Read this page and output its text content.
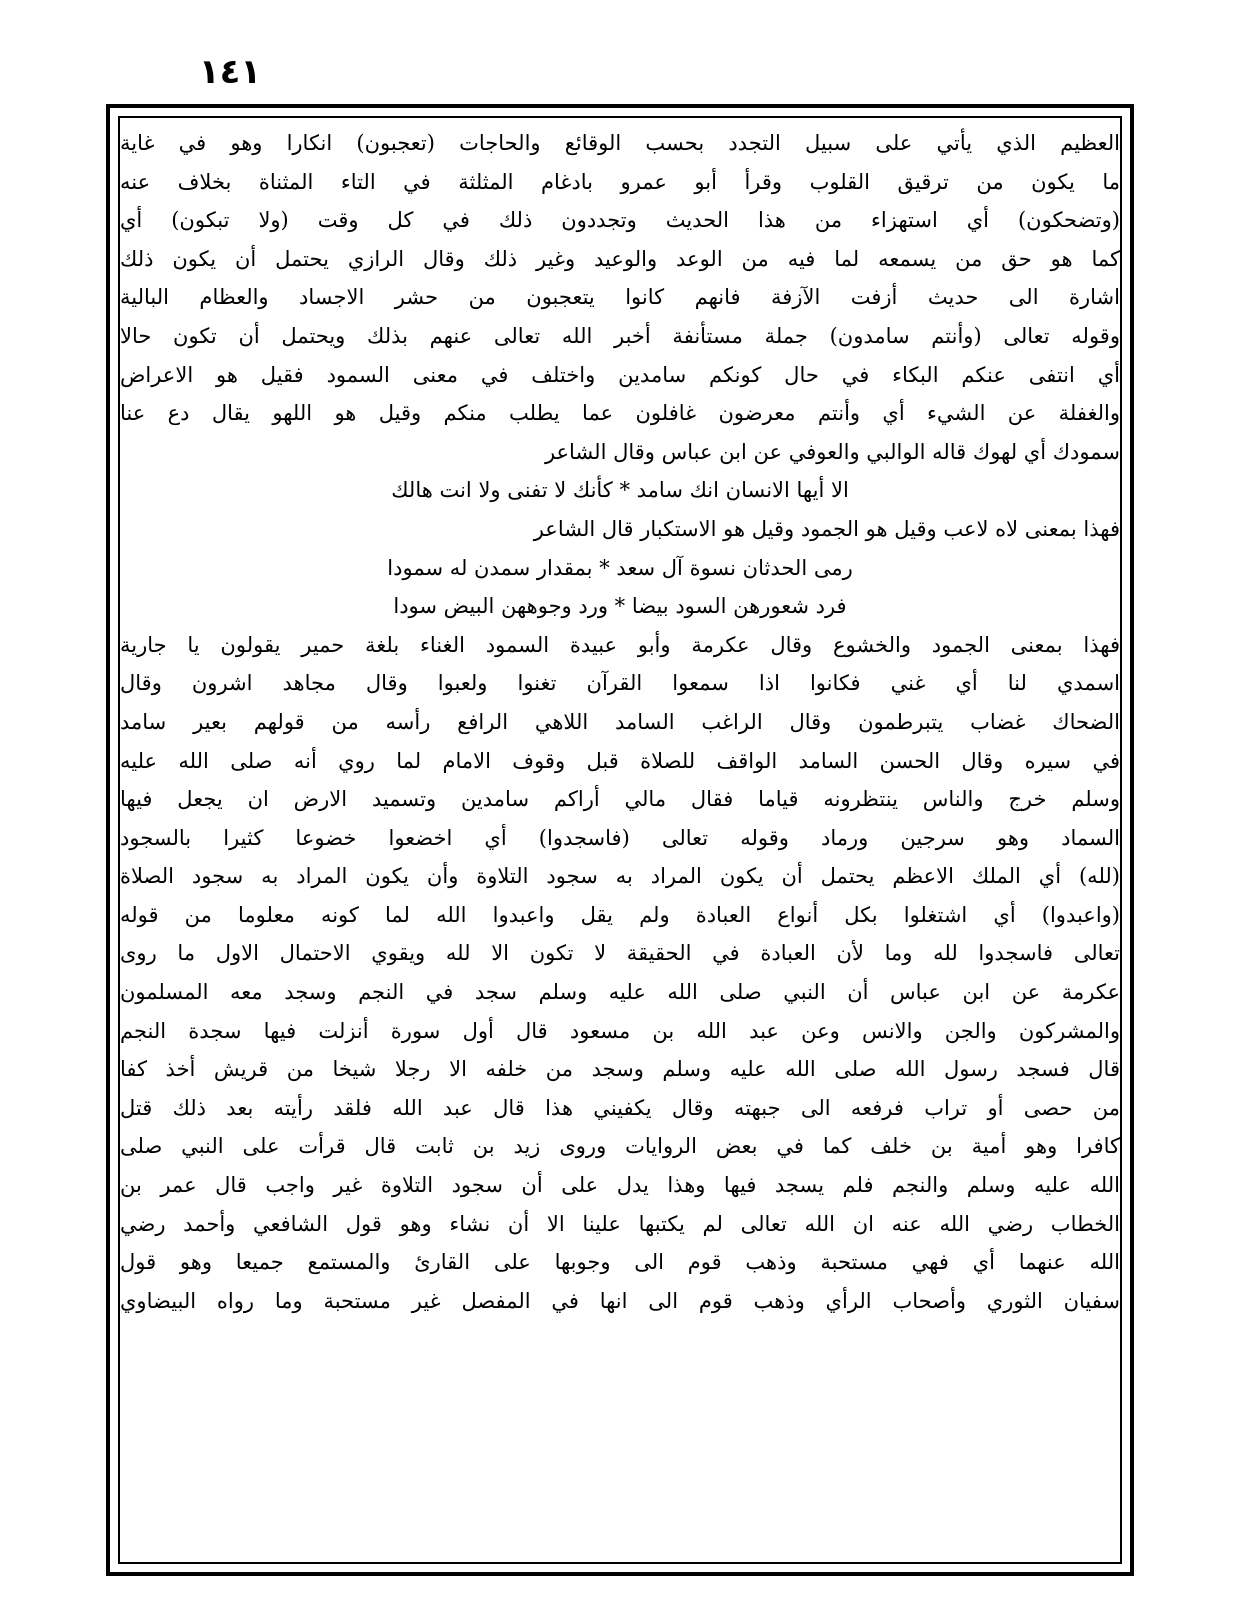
١٤١
العظيم الذي يأتي على سبيل التجدد بحسب الوقائع والحاجات (تعجبون) انكارا وهو في غاية
ما يكون من ترقيق القلوب وقرأ أبو عمرو بادغام المثلثة في التاء المثناة بخلاف عنه
(وتضحكون) أي استهزاء من هذا الحديث وتجددون ذلك في كل وقت (ولا تبكون) أي
كما هو حق من يسمعه لما فيه من الوعد والوعيد وغير ذلك وقال الرازي يحتمل أن يكون ذلك
اشارة الى حديث أزفت الآزفة فانهم كانوا يتعجبون من حشر الاجساد والعظام البالية
وقوله تعالى (وأنتم سامدون) جملة مستأنفة أخبر الله تعالى عنهم بذلك ويحتمل أن تكون حالا
أي انتفى عنكم البكاء في حال كونكم سامدين واختلف في معنى السمود فقيل هو الاعراض
والغفلة عن الشيء أي وأنتم معرضون غافلون عما يطلب منكم وقيل هو اللهو يقال دع عنا
سمودك أي لهوك قاله الوالبي والعوفي عن ابن عباس وقال الشاعر
الا أيها الانسان انك سامد * كأنك لا تفنى ولا انت هالك
فهذا بمعنى لاه لاعب وقيل هو الجمود وقيل هو الاستكبار قال الشاعر
رمى الحدثان نسوة آل سعد * بمقدار سمدن له سمودا
فرد شعورهن السود بيضا * ورد وجوههن البيض سودا
فهذا بمعنى الجمود والخشوع وقال عكرمة وأبو عبيدة السمود الغناء بلغة حمير يقولون يا جارية
اسمدي لنا أي غني فكانوا اذا سمعوا القرآن تغنوا ولعبوا وقال مجاهد اشرون وقال
الضحاك غضاب يتبرطمون وقال الراغب السامد اللاهي الرافع رأسه من قولهم بعير سامد
في سيره وقال الحسن السامد الواقف للصلاة قبل وقوف الامام لما روي أنه صلى الله عليه
وسلم خرج والناس ينتظرونه قياما فقال مالي أراكم سامدين وتسميد الارض ان يجعل فيها
السماد وهو سرجين ورماد وقوله تعالى (فاسجدوا) أي اخضعوا خضوعا كثيرا بالسجود
(لله) أي الملك الاعظم يحتمل أن يكون المراد به سجود التلاوة وأن يكون المراد به سجود الصلاة
(واعبدوا) أي اشتغلوا بكل أنواع العبادة ولم يقل واعبدوا الله لما كونه معلوما من قوله
تعالى فاسجدوا لله وما لأن العبادة في الحقيقة لا تكون الا لله ويقوي الاحتمال الاول ما روى
عكرمة عن ابن عباس أن النبي صلى الله عليه وسلم سجد في النجم وسجد معه المسلمون
والمشركون والجن والانس وعن عبد الله بن مسعود قال أول سورة أنزلت فيها سجدة النجم
قال فسجد رسول الله صلى الله عليه وسلم وسجد من خلفه الا رجلا شيخا من قريش أخذ كفا
من حصى أو تراب فرفعه الى جبهته وقال يكفيني هذا قال عبد الله فلقد رأيته بعد ذلك قتل
كافرا وهو أمية بن خلف كما في بعض الروايات وروى زيد بن ثابت قال قرأت على النبي صلى
الله عليه وسلم والنجم فلم يسجد فيها وهذا يدل على أن سجود التلاوة غير واجب قال عمر بن
الخطاب رضي الله عنه ان الله تعالى لم يكتبها علينا الا أن نشاء وهو قول الشافعي وأحمد رضي
الله عنهما أي فهي مستحبة وذهب قوم الى وجوبها على القارئ والمستمع جميعا وهو قول
سفيان الثوري وأصحاب الرأي وذهب قوم الى انها في المفصل غير مستحبة وما رواه البيضاوي
